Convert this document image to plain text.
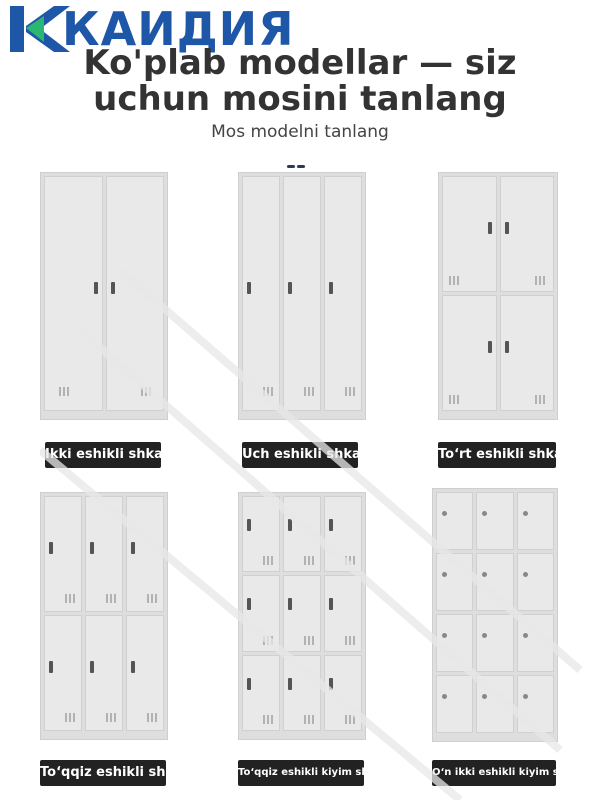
КАИДИЯ
Ko'plab modellar — siz
uchun mosini tanlang
Mos modelni tanlang
Ikki eshikli shkaf	Uch eshikli shkaf	To‘rt eshikli shkaf
To‘qqiz eshikli shkaf	To‘qqiz eshikli kiyim shkafi	O‘n ikki eshikli kiyim shkafi
